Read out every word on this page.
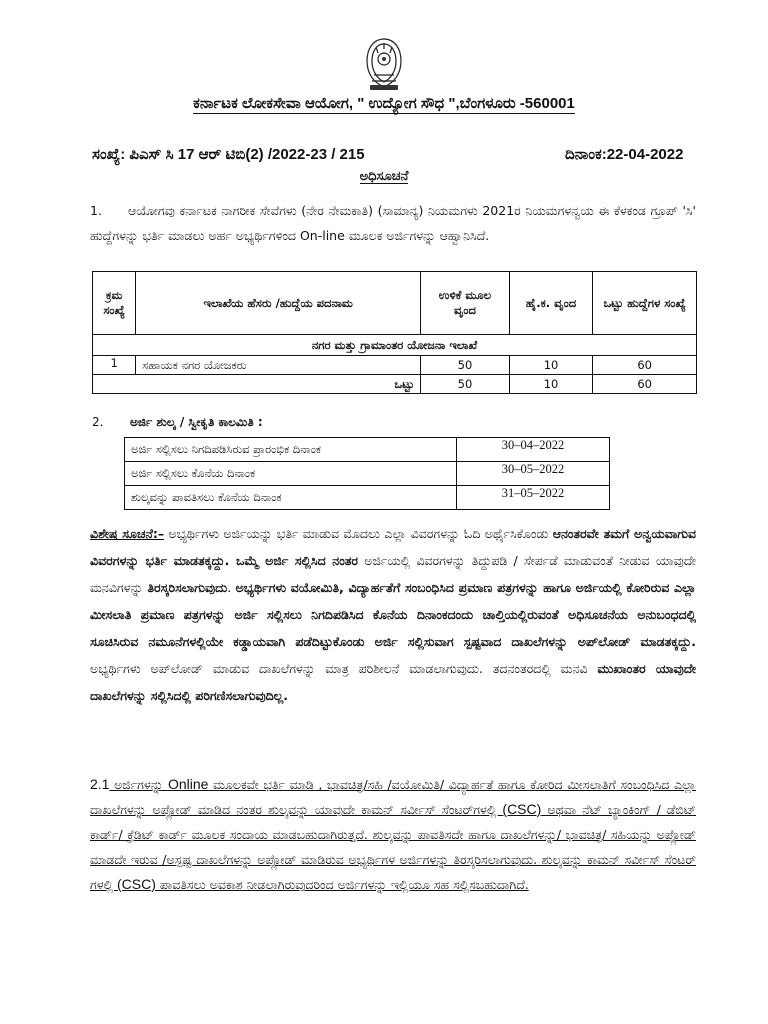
ಕರ್ನಾಟಕ ಲೋಕಸೇವಾ ಆಯೋಗ, " ಉದ್ಯೋಗ ಸೌಧ ",ಬೆಂಗಳೂರು -560001
ಸಂಖ್ಯೆ: ಪಿಎಸ್ ಸಿ 17 ಆರ್ ಟಿಬಿ(2) /2022-23 / 215	ದಿನಾಂಕ:22-04-2022
ಅಧಿಸೂಚನೆ
1. ಆಯೋಗವು ಕರ್ನಾಟಕ ನಾಗರೀಕ ಸೇವೆಗಳು (ನೇರ ನೇಮಕಾತಿ) (ಸಾಮಾನ್ಯ) ನಿಯಮಗಳು 2021ರ ನಿಯಮಗಳನ್ವಯ ಈ ಕೆಳಕಂಡ ಗ್ರೂಪ್ 'ಸಿ' ಹುದ್ದೆಗಳನ್ನು ಭರ್ತಿ ಮಾಡಲು ಅರ್ಹ ಅಭ್ಯರ್ಥಿಗಳಿಂದ On-line ಮೂಲಕ ಅರ್ಜಿಗಳನ್ನು ಆಹ್ವಾನಿಸಿದೆ.
ಕ್ರಮ ಸಂಖ್ಯೆ	ಇಲಾಖೆಯ ಹೆಸರು /ಹುದ್ದೆಯ ಪದನಾಮ	ಉಳಿಕೆ ಮೂಲ ವೃಂದ	ಹೈ.ಕ. ವೃಂದ	ಒಟ್ಟು ಹುದ್ದೆಗಳ ಸಂಖ್ಯೆ
ನಗರ ಮತ್ತು ಗ್ರಾಮಾಂತರ ಯೋಜನಾ ಇಲಾಖೆ				
1	ಸಹಾಯಕ ನಗರ ಯೋಜಕರು	50	10	60
ಒಟ್ಟು		50	10	60
2. ಅರ್ಜಿ ಶುಲ್ಕ / ಸ್ವೀಕೃತಿ ಕಾಲಮಿತಿ :
ಅರ್ಜಿ ಸಲ್ಲಿಸಲು ನಿಗದಿಪಡಿಸಿರುವ ಪ್ರಾರಂಭಿಕ ದಿನಾಂಕ	30–04–2022
ಅರ್ಜಿ ಸಲ್ಲಿಸಲು ಕೊನೆಯ ದಿನಾಂಕ	30–05–2022
ಶುಲ್ಕವನ್ನು ಪಾವತಿಸಲು ಕೊನೆಯ ದಿನಾಂಕ	31–05–2022
ವಿಶೇಷ ಸೂಚನೆ:– ಅಭ್ಯರ್ಥಿಗಳು ಅರ್ಜಿಯನ್ನು ಭರ್ತಿ ಮಾಡುವ ಮೊದಲು ಎಲ್ಲಾ ವಿವರಗಳನ್ನು ಓದಿ ಅರ್ಥೈಸಿಕೊಂಡು ಆನಂತರವೇ ತಮಗೆ ಅನ್ವಯವಾಗುವ ವಿವರಗಳನ್ನು ಭರ್ತಿ ಮಾಡತಕ್ಕದ್ದು. ಒಮ್ಮೆ ಅರ್ಜಿ ಸಲ್ಲಿಸಿದ ನಂತರ ಅರ್ಜಿಯಲ್ಲಿ ವಿವರಗಳನ್ನು ತಿದ್ದುಪಡಿ / ಸೇರ್ಪಡೆ ಮಾಡುವಂತೆ ನೀಡುವ ಯಾವುದೇ ಮನವಿಗಳನ್ನು ತಿರಸ್ಕರಿಸಲಾಗುವುದು. ಅಭ್ಯರ್ಥಿಗಳು ವಯೋಮಿತಿ, ವಿದ್ಯಾರ್ಹತೆಗೆ ಸಂಬಂಧಿಸಿದ ಪ್ರಮಾಣ ಪತ್ರಗಳನ್ನು ಹಾಗೂ ಅರ್ಜಿಯಲ್ಲಿ ಕೋರಿರುವ ಎಲ್ಲಾ ಮೀಸಲಾತಿ ಪ್ರಮಾಣ ಪತ್ರಗಳನ್ನು ಅರ್ಜಿ ಸಲ್ಲಿಸಲು ನಿಗದಿಪಡಿಸಿದ ಕೊನೆಯ ದಿನಾಂಕದಂದು ಚಾಲ್ತಿಯಲ್ಲಿರುವಂತೆ ಅಧಿಸೂಚನೆಯ ಅನುಬಂಧದಲ್ಲಿ ಸೂಚಿಸಿರುವ ನಮೂನೆಗಳಲ್ಲಿಯೇ ಕಡ್ಡಾಯವಾಗಿ ಪಡೆದಿಟ್ಟುಕೊಂಡು ಅರ್ಜಿ ಸಲ್ಲಿಸುವಾಗ ಸ್ಪಷ್ಟವಾದ ದಾಖಲೆಗಳನ್ನು ಅಪ್‌ಲೋಡ್ ಮಾಡತಕ್ಕದ್ದು. ಅಭ್ಯರ್ಥಿಗಳು ಅಪ್‌ಲೋಡ್ ಮಾಡುವ ದಾಖಲೆಗಳನ್ನು ಮಾತ್ರ ಪರಿಶೀಲನೆ ಮಾಡಲಾಗುವುದು. ತದನಂತರದಲ್ಲಿ ಮನವಿ ಮುಖಾಂತರ ಯಾವುದೇ ದಾಖಲೆಗಳನ್ನು ಸಲ್ಲಿಸಿದಲ್ಲಿ ಪರಿಗಣಿಸಲಾಗುವುದಿಲ್ಲ.
2.1 ಅರ್ಜಿಗಳನ್ನು Online ಮೂಲಕವೇ ಭರ್ತಿ ಮಾಡಿ , ಭಾವಚಿತ್ರ/ಸಹಿ /ವಯೋಮಿತಿ/ ವಿದ್ಯಾರ್ಹತೆ ಹಾಗೂ ಕೋರಿದ ಮೀಸಲಾತಿಗೆ ಸಂಬಂಧಿಸಿದ ಎಲ್ಲಾ ದಾಖಲೆಗಳನ್ನು ಅಪ್ಲೋಡ್ ಮಾಡಿದ ನಂತರ ಶುಲ್ಕವನ್ನು ಯಾವುದೇ ಕಾಮನ್ ಸರ್ವೀಸ್ ಸೆಂಟರ್‌ಗಳಲ್ಲಿ (CSC) ಅಥವಾ ನೆಟ್ ಬ್ಯಾಂಕಿಂಗ್ / ಡೆಬಿಟ್ ಕಾರ್ಡ್/ ಕ್ರೆಡಿಟ್ ಕಾರ್ಡ್ ಮೂಲಕ ಸಂದಾಯ ಮಾಡಬಹುದಾಗಿರುತ್ತದೆ. ಶುಲ್ಕವನ್ನು ಪಾವತಿಸದೇ ಹಾಗೂ ದಾಖಲೆಗಳನ್ನು/ ಭಾವಚಿತ್ರ/ ಸಹಿಯನ್ನು ಅಪ್ಲೋಡ್ ಮಾಡದೇ ಇರುವ /ಅಸ್ಪಷ್ಟ ದಾಖಲೆಗಳನ್ನು ಅಪ್ಲೋಡ್ ಮಾಡಿರುವ ಅಭ್ಯರ್ಥಿಗಳ ಅರ್ಜಿಗಳನ್ನು ತಿರಸ್ಕರಿಸಲಾಗುವುದು. ಶುಲ್ಕವನ್ನು ಕಾಮನ್ ಸರ್ವೀಸ್ ಸೆಂಟರ್ ಗಳಲ್ಲಿ (CSC) ಪಾವತಿಸಲು ಅವಕಾಶ ನೀಡಲಾಗಿರುವುದರಿಂದ ಅರ್ಜಿಗಳನ್ನು ಇಲ್ಲಿಯೂ ಸಹ ಸಲ್ಲಿಸಬಹುದಾಗಿದೆ.
